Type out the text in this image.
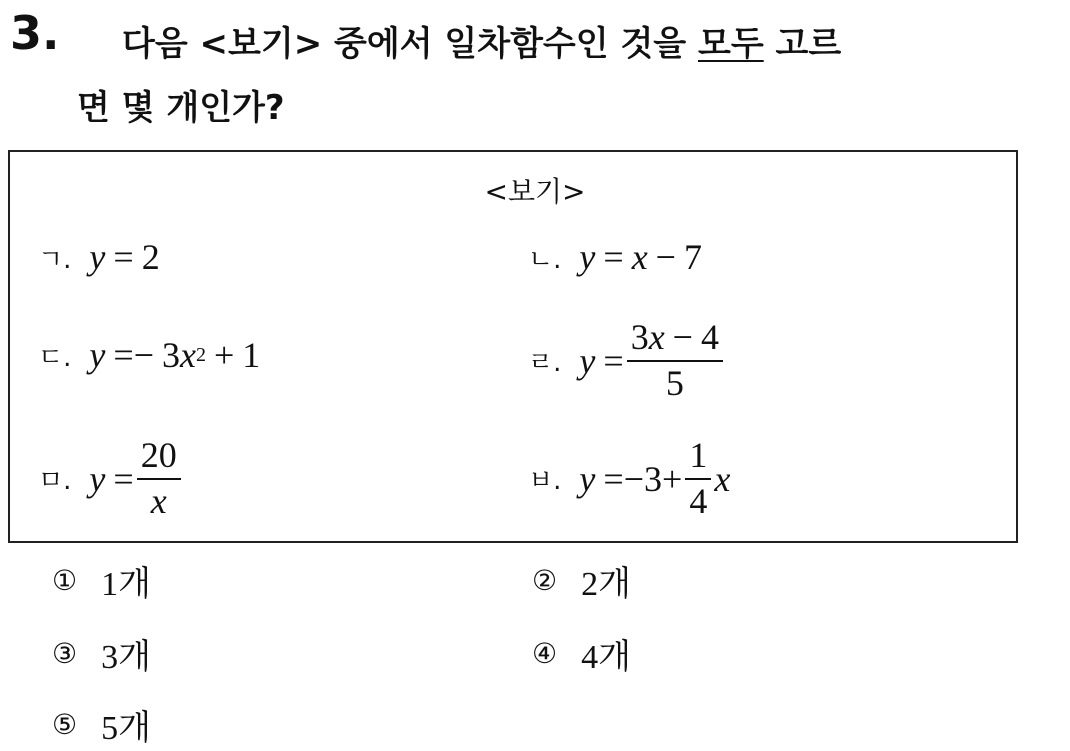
3. 다음 <보기> 중에서 일차함수인 것을 모두 고르
면 몇 개인가?
<보기>
ㄱ. y = 2	ㄴ. y = x − 7
ㄷ. y = − 3 x 2 + 1	ㄹ. $y = \frac{3x - 4}{5}$
ㅁ. $y = \frac{20}{x}$	ㅂ. y = − $3 + \frac{1}{4}$ x
① 1개	② 2개
③ 3개	④ 4개
⑤ 5개
